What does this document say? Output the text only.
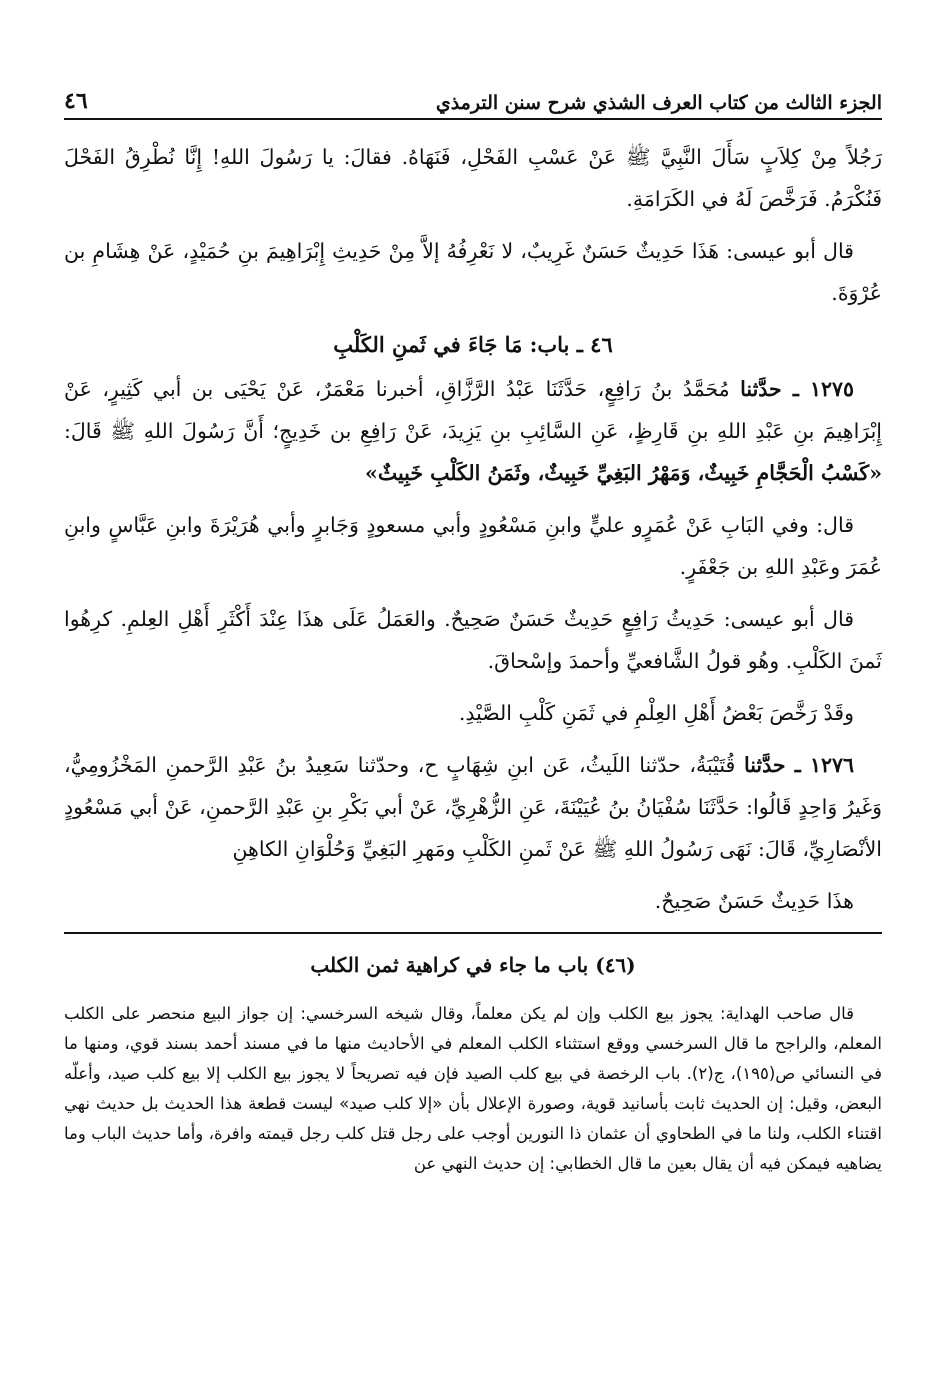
الجزء الثالث من كتاب العرف الشذي شرح سنن الترمذي
٤٦

رَجُلاً مِنْ كِلاَبٍ سَأَلَ النَّبِيَّ ﷺ عَنْ عَسْبِ الفَحْلِ، فَنَهَاهُ. فقالَ: يا رَسُولَ اللهِ! إِنَّا نُطْرِقُ الفَحْلَ فَنُكْرَمُ. فَرَخَّصَ لَهُ في الكَرَامَةِ.

قال أبو عيسى: هَذَا حَدِيثٌ حَسَنٌ غَرِيبٌ، لا نَعْرِفُهُ إلاَّ مِنْ حَدِيثِ إِبْرَاهِيمَ بنِ حُمَيْدٍ، عَنْ هِشَامِ بن عُرْوَةَ.

٤٦ ـ باب: مَا جَاءَ في ثَمنِ الكَلْبِ

١٢٧٥ ـ حدَّثنا مُحَمَّدُ بنُ رَافِعٍ، حَدَّثَنَا عَبْدُ الرَّزَّاقِ، أخبرنا مَعْمَرٌ، عَنْ يَحْيَى بن أبي كَثِيرٍ، عَنْ إِبْرَاهِيمَ بنِ عَبْدِ اللهِ بنِ قَارِظٍ، عَنِ السَّائِبِ بنِ يَزِيدَ، عَنْ رَافِعِ بن خَدِيجٍ؛ أَنَّ رَسُولَ اللهِ ﷺ قَالَ: «كَسْبُ الْحَجَّامِ خَبِيثٌ، وَمَهْرُ البَغِيِّ خَبِيثٌ، وثَمَنُ الكَلْبِ خَبِيثٌ»

قال: وفي البَابِ عَنْ عُمَرٍو عليٍّ وابنِ مَسْعُودٍ وأبي مسعودٍ وَجَابرٍ وأبي هُرَيْرَةَ وابنِ عَبَّاسٍ وابنِ عُمَرَ وعَبْدِ اللهِ بن جَعْفَرٍ.

قال أبو عيسى: حَدِيثُ رَافِعٍ حَدِيثٌ حَسَنٌ صَحِيحٌ. والعَمَلُ عَلَى هذَا عِنْدَ أَكْثَرِ أَهْلِ العِلمِ. كرِهُوا ثَمنَ الكَلْبِ. وهُو قولُ الشَّافعيِّ وأحمدَ وإسْحاقَ.

وقَدْ رَخَّصَ بَعْضُ أَهْلِ العِلْمِ في ثَمَنِ كَلْبِ الصَّيْدِ.

١٢٧٦ ـ حدَّثنا قُتَيْبَةُ، حدّثنا اللَيثُ، عَن ابنِ شِهَابٍ ح، وحدّثنا سَعِيدُ بنُ عَبْدِ الرَّحمنِ المَخْزُومِيُّ، وَغَيرُ وَاحِدٍ قَالُوا: حَدَّثَنَا سُفْيَانُ بنُ عُيَيْنَةَ، عَنِ الزُّهْرِيِّ، عَنْ أبي بَكْرِ بنِ عَبْدِ الرَّحمنِ، عَنْ أبي مَسْعُودٍ الأنْصَارِيِّ، قَالَ: نَهَى رَسُولُ اللهِ ﷺ عَنْ ثَمنِ الكَلْبِ ومَهرِ البَغِيِّ وَحُلْوَانِ الكاهِنِ

هذَا حَدِيثٌ حَسَنٌ صَحِيحٌ.

(٤٦) باب ما جاء في كراهية ثمن الكلب

قال صاحب الهداية: يجوز بيع الكلب وإن لم يكن معلماً، وقال شيخه السرخسي: إن جواز البيع منحصر على الكلب المعلم، والراجح ما قال السرخسي ووقع استثناء الكلب المعلم في الأحاديث منها ما في مسند أحمد بسند قوي، ومنها ما في النسائي ص(١٩٥)، ج(٢). باب الرخصة في بيع كلب الصيد فإن فيه تصريحاً لا يجوز بيع الكلب إلا بيع كلب صيد، وأعلّه البعض، وقيل: إن الحديث ثابت بأسانيد قوية، وصورة الإعلال بأن «إلا كلب صيد» ليست قطعة هذا الحديث بل حديث نهي اقتناء الكلب، ولنا ما في الطحاوي أن عثمان ذا النورين أوجب على رجل قتل كلب رجل قيمته وافرة، وأما حديث الباب وما يضاهيه فيمكن فيه أن يقال بعين ما قال الخطابي: إن حديث النهي عن
